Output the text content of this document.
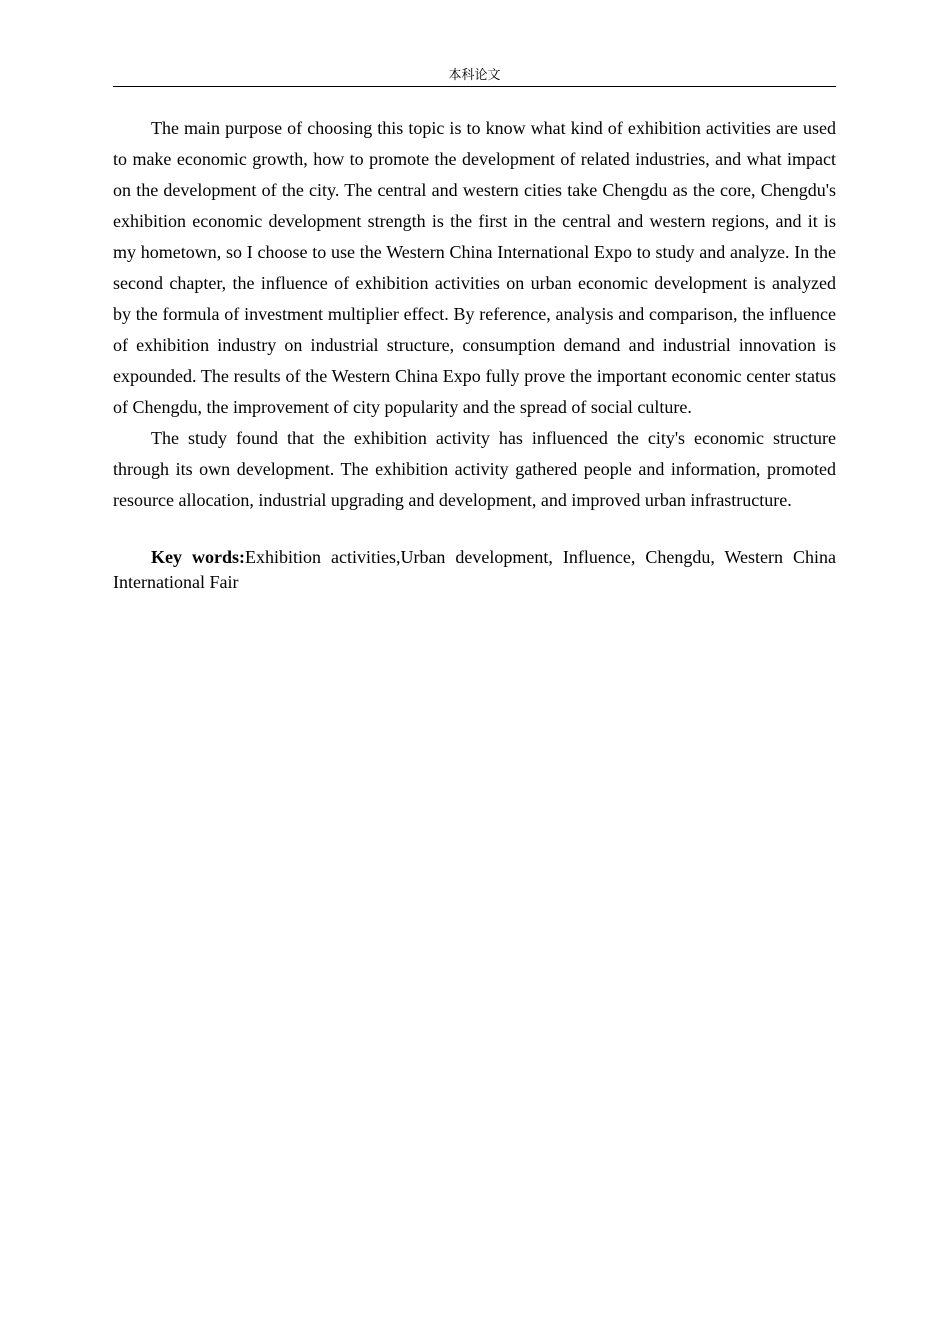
本科论文

The main purpose of choosing this topic is to know what kind of exhibition activities are used to make economic growth, how to promote the development of related industries, and what impact on the development of the city. The central and western cities take Chengdu as the core, Chengdu's exhibition economic development strength is the first in the central and western regions, and it is my hometown, so I choose to use the Western China International Expo to study and analyze. In the second chapter, the influence of exhibition activities on urban economic development is analyzed by the formula of investment multiplier effect. By reference, analysis and comparison, the influence of exhibition industry on industrial structure, consumption demand and industrial innovation is expounded. The results of the Western China Expo fully prove the important economic center status of Chengdu, the improvement of city popularity and the spread of social culture.

The study found that the exhibition activity has influenced the city's economic structure through its own development. The exhibition activity gathered people and information, promoted resource allocation, industrial upgrading and development, and improved urban infrastructure.

Key words:Exhibition activities,Urban development, Influence, Chengdu, Western China International Fair
